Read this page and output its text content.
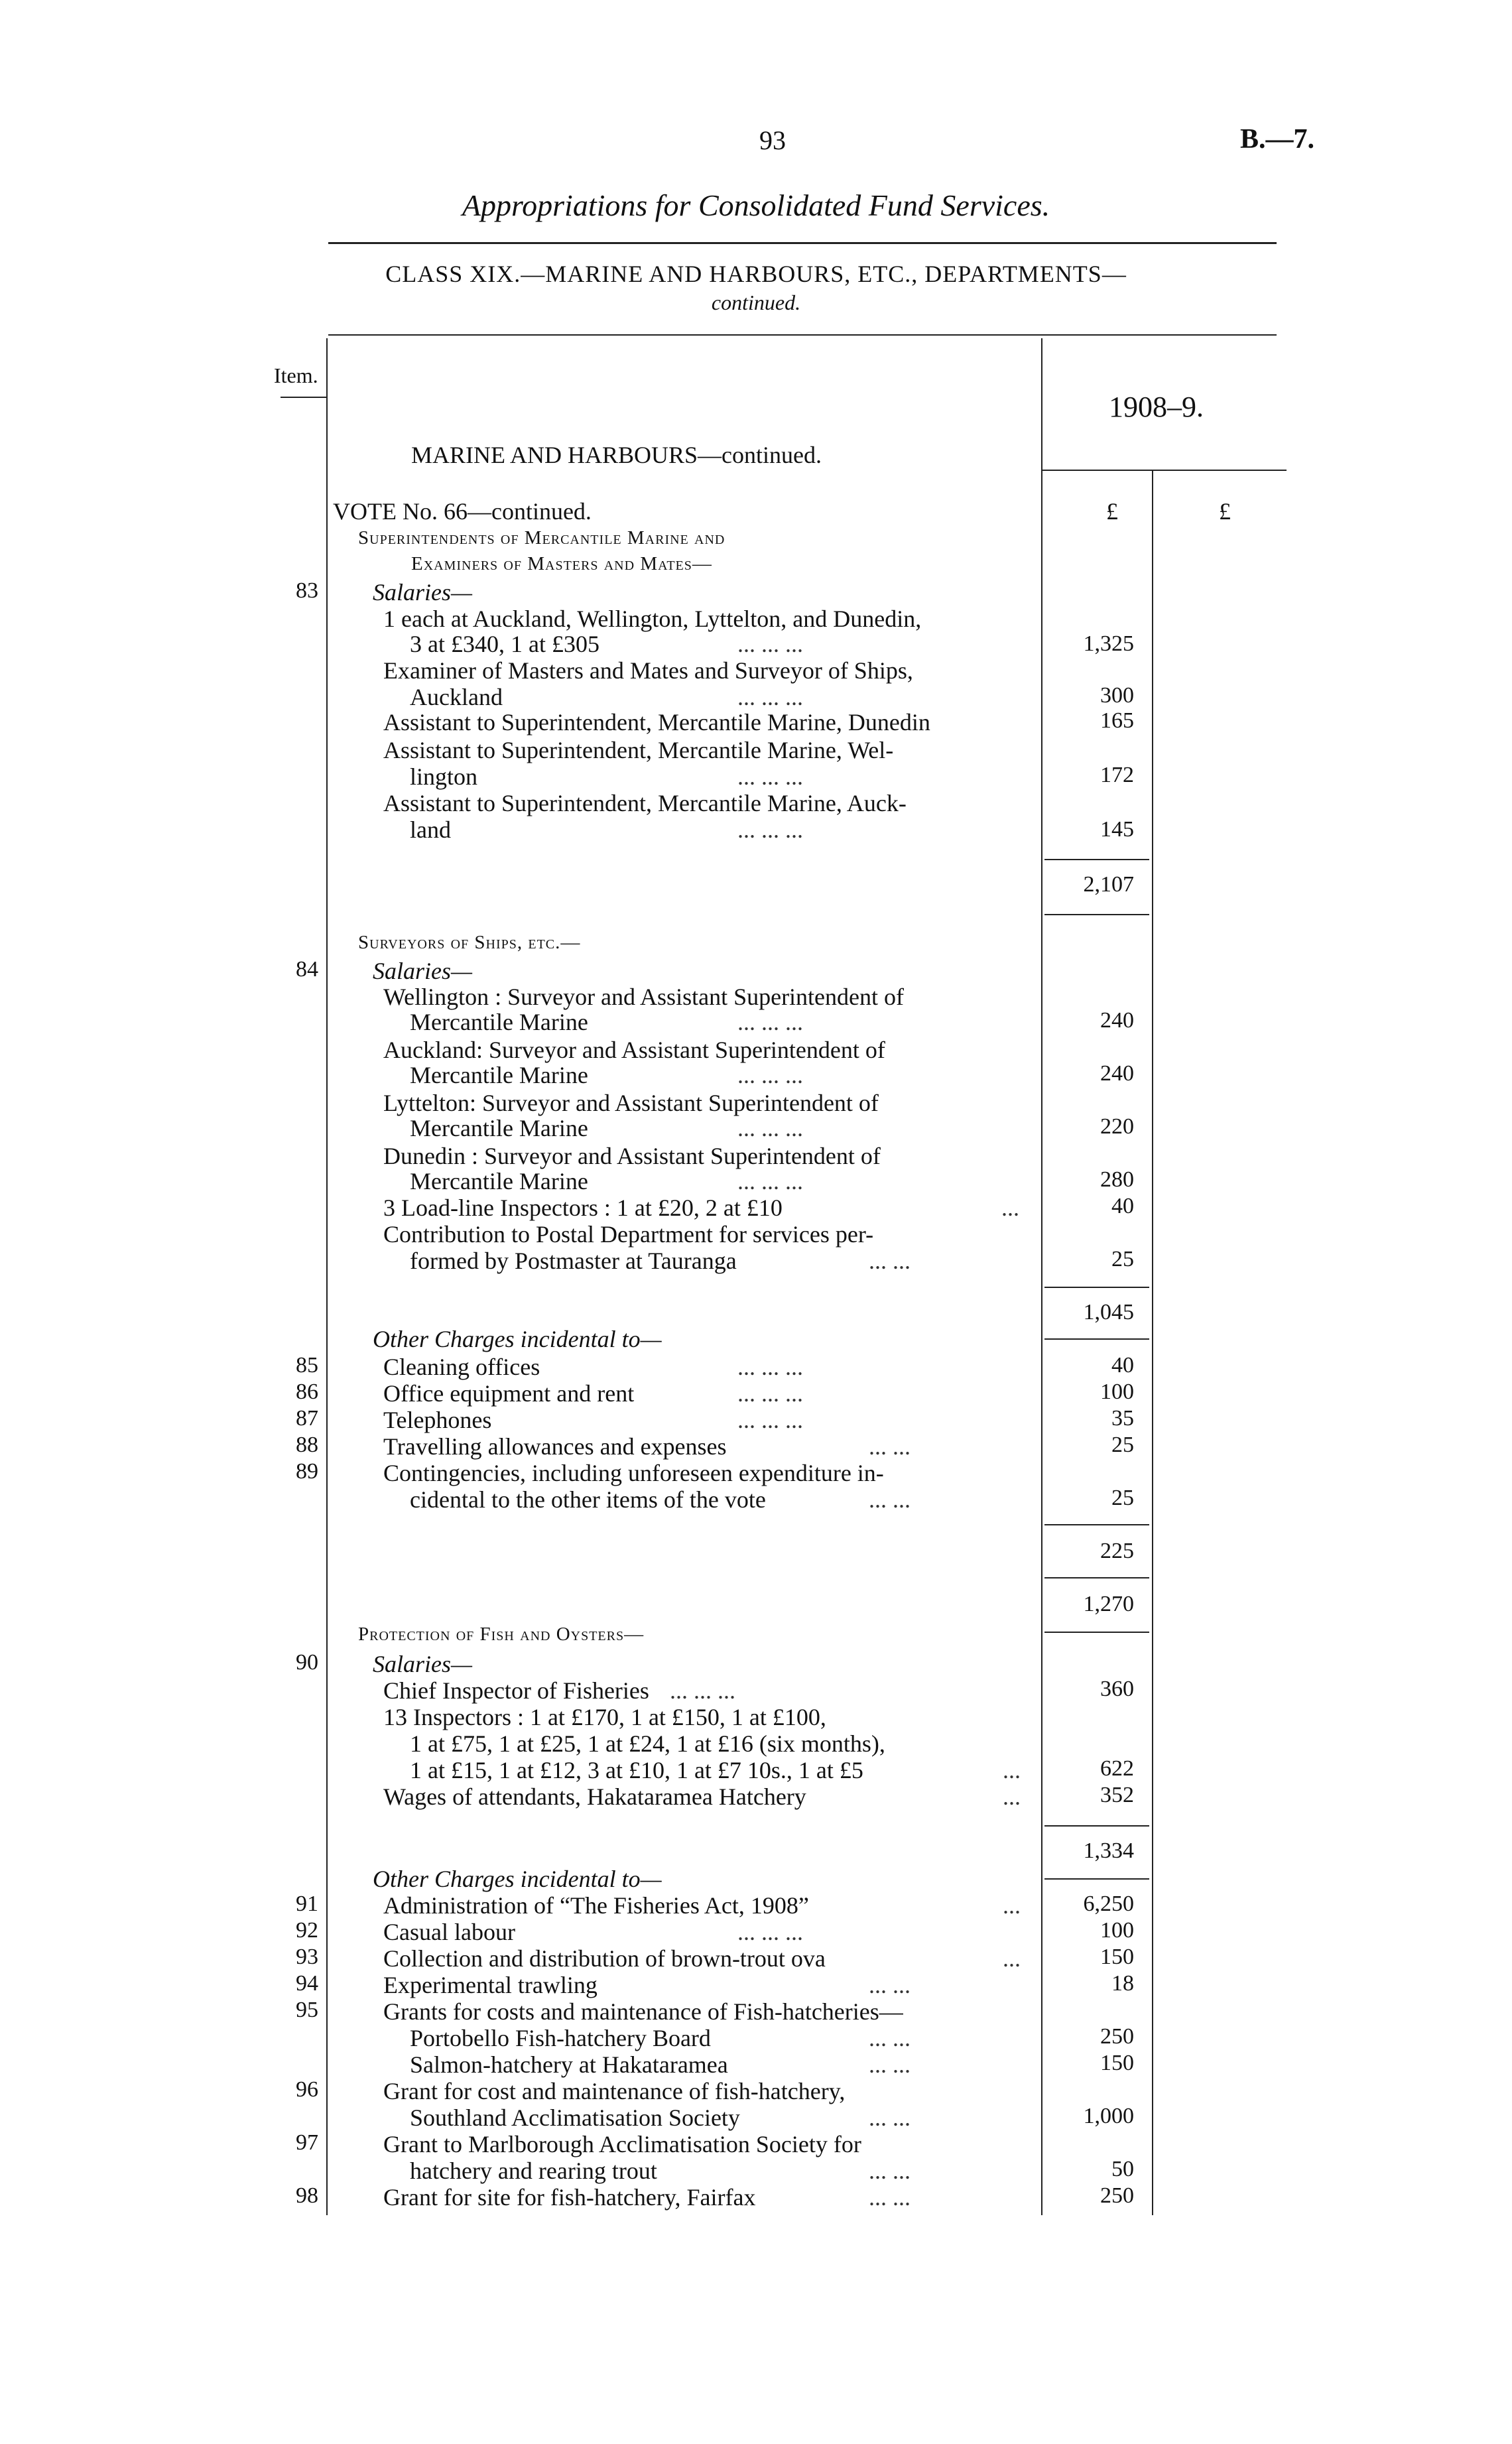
93	B.—7.
Appropriations for Consolidated Fund Services.
CLASS XIX.—MARINE AND HARBOURS, ETC., DEPARTMENTS—
continued.
Item.
1908–9.
MARINE AND HARBOURS—continued.
£	£
VOTE No. 66—continued.
Superintendents of Mercantile Marine and
Examiners of Masters and Mates—
83 Salaries—
1 each at Auckland, Wellington, Lyttelton, and Dunedin,
3 at £340, 1 at £305	... ... ...	1,325
Examiner of Masters and Mates and Surveyor of Ships,
Auckland	... ... ...	300
Assistant to Superintendent, Mercantile Marine, Dunedin	165
Assistant to Superintendent, Mercantile Marine, Wel-
lington	... ... ...	172
Assistant to Superintendent, Mercantile Marine, Auck-
land	... ... ...	145
2,107
Surveyors of Ships, etc.—
84 Salaries—
Wellington : Surveyor and Assistant Superintendent of
Mercantile Marine	... ... ...	240
Auckland: Surveyor and Assistant Superintendent of
Mercantile Marine	... ... ...	240
Lyttelton: Surveyor and Assistant Superintendent of
Mercantile Marine	... ... ...	220
Dunedin : Surveyor and Assistant Superintendent of
Mercantile Marine	... ... ...	280
3 Load-line Inspectors : 1 at £20, 2 at £10	...	40
Contribution to Postal Department for services per-
formed by Postmaster at Tauranga	... ...	25
1,045
Other Charges incidental to—
85	Cleaning offices	... ... ...	40
86	Office equipment and rent	... ... ...	100
87	Telephones	... ... ...	35
88	Travelling allowances and expenses	... ...	25
89	Contingencies, including unforeseen expenditure in-
cidental to the other items of the vote	... ...	25
225
1,270
Protection of Fish and Oysters—
90 Salaries—
Chief Inspector of Fisheries ... ... ...	360
13 Inspectors : 1 at £170, 1 at £150, 1 at £100,
1 at £75, 1 at £25, 1 at £24, 1 at £16 (six months),
1 at £15, 1 at £12, 3 at £10, 1 at £7 10s., 1 at £5	...	622
Wages of attendants, Hakataramea Hatchery	...	352
1,334
Other Charges incidental to—
91	Administration of “The Fisheries Act, 1908”	...	6,250
92	Casual labour	... ... ...	100
93	Collection and distribution of brown-trout ova	...	150
94	Experimental trawling	... ...	18
95	Grants for costs and maintenance of Fish-hatcheries—
Portobello Fish-hatchery Board	... ...	250
Salmon-hatchery at Hakataramea	... ...	150
96	Grant for cost and maintenance of fish-hatchery,
Southland Acclimatisation Society	... ...	1,000
97	Grant to Marlborough Acclimatisation Society for
hatchery and rearing trout	... ...	50
98	Grant for site for fish-hatchery, Fairfax	... ...	250
